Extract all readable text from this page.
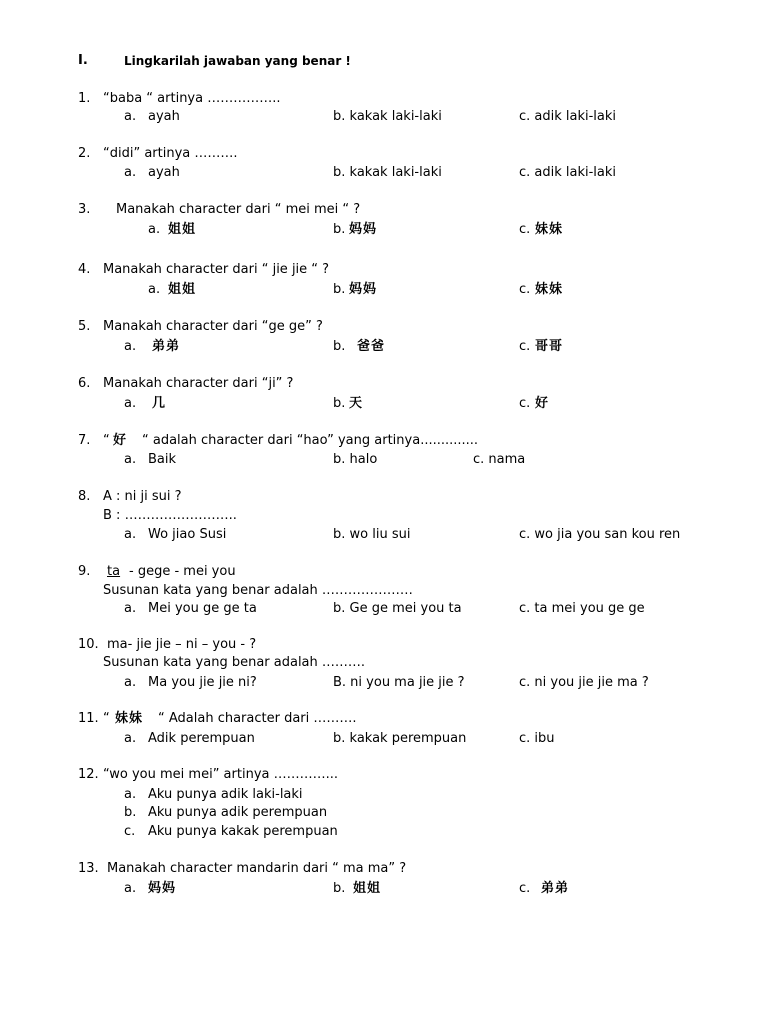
I.	Lingkarilah jawaban yang benar !
1. “baba “ artinya ……………..
a. ayah	b. kakak laki-laki	c. adik laki-laki
2. “didi” artinya ……….
a. ayah	b. kakak laki-laki	c. adik laki-laki
3. Manakah character dari “ mei mei “ ?
a. 姐姐	b. 妈妈	c. 妹妹
4. Manakah character dari “ jie jie “ ?
a. 姐姐	b. 妈妈	c. 妹妹
5. Manakah character dari “ge ge” ?
a. 弟弟	b. 爸爸	c. 哥哥
6. Manakah character dari “ji” ?
a. 几	b. 天	c. 好
7. “ 好 “ adalah character dari “hao” yang artinya..............
a. Baik	b. halo	c. nama
8. A : ni ji sui ?
B : ……………………..
a. Wo jiao Susi	b. wo liu sui	c. wo jia you san kou ren
9. ta - gege - mei you
Susunan kata yang benar adalah …………………
a. Mei you ge ge ta	b. Ge ge mei you ta	c. ta mei you ge ge
10. ma- jie jie – ni – you - ?
Susunan kata yang benar adalah ……….
a. Ma you jie jie ni?	B. ni you ma jie jie ?	c. ni you jie jie ma ?
11. “ 妹妹 “ Adalah character dari ……….
a. Adik perempuan	b. kakak perempuan	c. ibu
12. “wo you mei mei” artinya …………...
a. Aku punya adik laki-laki
b. Aku punya adik perempuan
c. Aku punya kakak perempuan
13. Manakah character mandarin dari “ ma ma” ?
a. 妈妈	b. 姐姐	c. 弟弟
